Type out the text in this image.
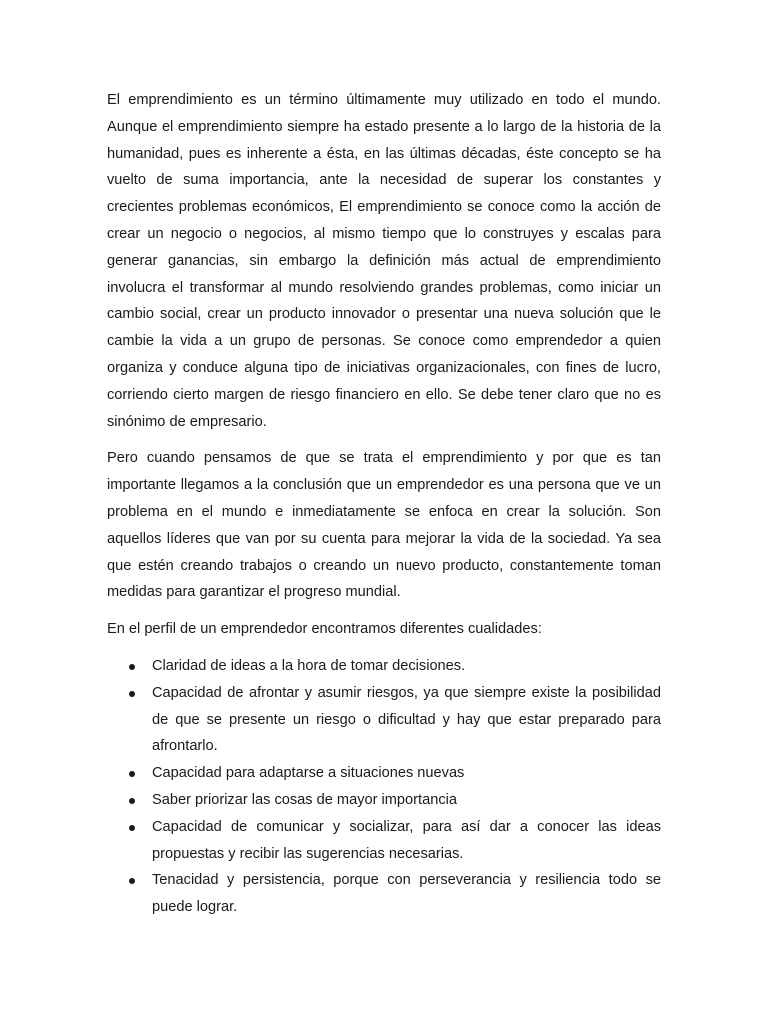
El emprendimiento es un término últimamente muy utilizado en todo el mundo. Aunque el emprendimiento siempre ha estado presente a lo largo de la historia de la humanidad, pues es inherente a ésta, en las últimas décadas, éste concepto se ha vuelto de suma importancia, ante la necesidad de superar los constantes y crecientes problemas económicos, El emprendimiento se conoce como la acción de crear un negocio o negocios, al mismo tiempo que lo construyes y escalas para generar ganancias, sin embargo la definición más actual de emprendimiento involucra el transformar al mundo resolviendo grandes problemas, como iniciar un cambio social, crear un producto innovador o presentar una nueva solución que le cambie la vida a un grupo de personas. Se conoce como emprendedor a quien organiza y conduce alguna tipo de iniciativas organizacionales, con fines de lucro, corriendo cierto margen de riesgo financiero en ello. Se debe tener claro que no es sinónimo de empresario.

Pero cuando pensamos de que se trata el emprendimiento y por que es tan importante llegamos a la conclusión que un emprendedor es una persona que ve un problema en el mundo e inmediatamente se enfoca en crear la solución. Son aquellos líderes que van por su cuenta para mejorar la vida de la sociedad. Ya sea que estén creando trabajos o creando un nuevo producto, constantemente toman medidas para garantizar el progreso mundial.

En el perfil de un emprendedor encontramos diferentes cualidades:

Claridad de ideas a la hora de tomar decisiones.
Capacidad de afrontar y asumir riesgos, ya que siempre existe la posibilidad de que se presente un riesgo o dificultad y hay que estar preparado para afrontarlo.
Capacidad para adaptarse a situaciones nuevas
Saber priorizar las cosas de mayor importancia
Capacidad de comunicar y socializar, para así dar a conocer las ideas propuestas y recibir las sugerencias necesarias.
Tenacidad y persistencia, porque con perseverancia y resiliencia todo se puede lograr.
